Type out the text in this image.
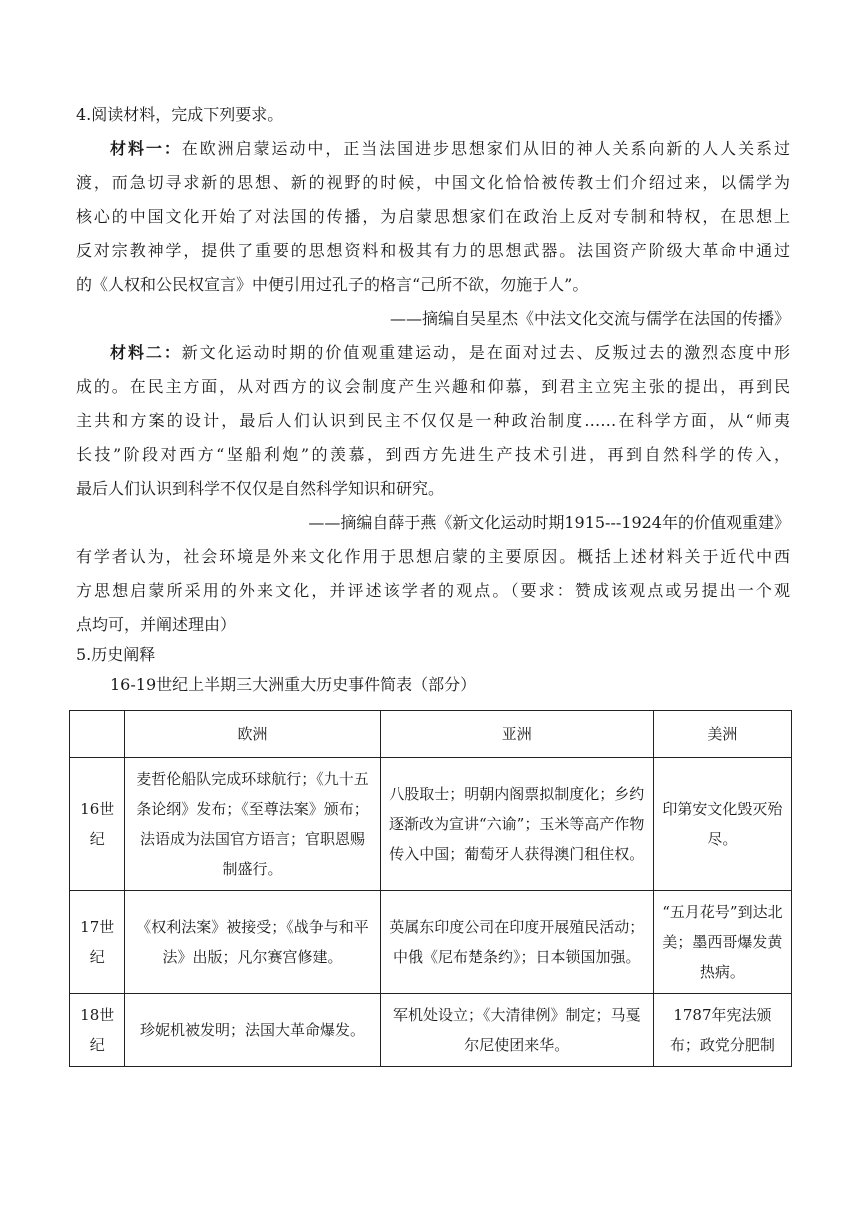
4.阅读材料，完成下列要求。
材料一：在欧洲启蒙运动中，正当法国进步思想家们从旧的神人关系向新的人人关系过
渡，而急切寻求新的思想、新的视野的时候，中国文化恰恰被传教士们介绍过来，以儒学为
核心的中国文化开始了对法国的传播，为启蒙思想家们在政治上反对专制和特权，在思想上
反对宗教神学，提供了重要的思想资料和极其有力的思想武器。法国资产阶级大革命中通过
的《人权和公民权宣言》中便引用过孔子的格言“己所不欲，勿施于人”。
——摘编自吴星杰《中法文化交流与儒学在法国的传播》
材料二：新文化运动时期的价值观重建运动，是在面对过去、反叛过去的激烈态度中形
成的。在民主方面，从对西方的议会制度产生兴趣和仰慕，到君主立宪主张的提出，再到民
主共和方案的设计，最后人们认识到民主不仅仅是一种政治制度……在科学方面，从“师夷
长技”阶段对西方“坚船利炮”的羡慕，到西方先进生产技术引进，再到自然科学的传入，
最后人们认识到科学不仅仅是自然科学知识和研究。
——摘编自薛于燕《新文化运动时期1915---1924年的价值观重建》
有学者认为，社会环境是外来文化作用于思想启蒙的主要原因。概括上述材料关于近代中西
方思想启蒙所采用的外来文化，并评述该学者的观点。（要求：赞成该观点或另提出一个观
点均可，并阐述理由）
5.历史阐释
16-19世纪上半期三大洲重大历史事件简表（部分）
	欧洲	亚洲	美洲
16世纪	麦哲伦船队完成环球航行；《九十五条论纲》发布；《至尊法案》颁布；法语成为法国官方语言；官职恩赐制盛行。	八股取士；明朝内阁票拟制度化；乡约逐渐改为宣讲“六谕”；玉米等高产作物传入中国；葡萄牙人获得澳门租住权。	印第安文化毁灭殆尽。
17世纪	《权利法案》被接受；《战争与和平法》出版；凡尔赛宫修建。	英属东印度公司在印度开展殖民活动；中俄《尼布楚条约》；日本锁国加强。	“五月花号”到达北美；墨西哥爆发黄热病。
18世纪	珍妮机被发明；法国大革命爆发。	军机处设立；《大清律例》制定；马戛尔尼使团来华。	1787年宪法颁布；政党分肥制
